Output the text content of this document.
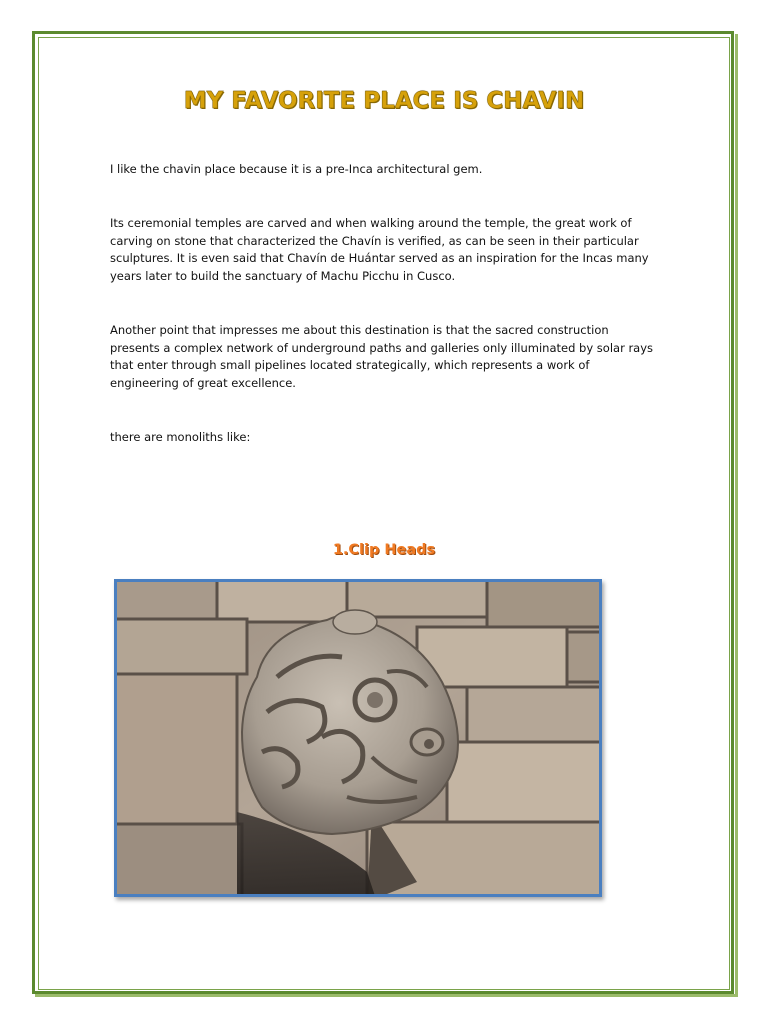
MY FAVORITE PLACE IS CHAVIN

I like the chavin place because it is a pre-Inca architectural gem.

Its ceremonial temples are carved and when walking around the temple, the great work of carving on stone that characterized the Chavín is verified, as can be seen in their particular sculptures. It is even said that Chavín de Huántar served as an inspiration for the Incas many years later to build the sanctuary of Machu Picchu in Cusco.

Another point that impresses me about this destination is that the sacred construction presents a complex network of underground paths and galleries only illuminated by solar rays that enter through small pipelines located strategically, which represents a work of engineering of great excellence.

there are monoliths like:

1.Clip Heads
